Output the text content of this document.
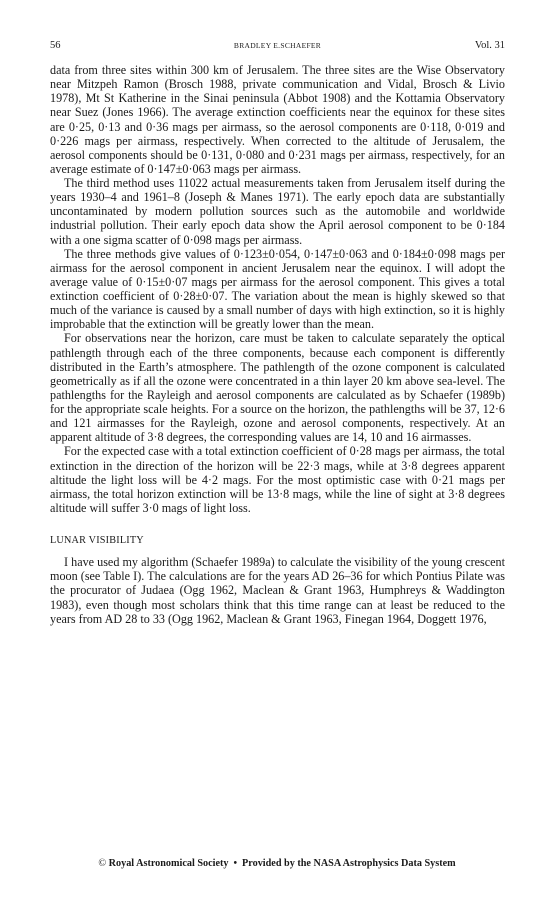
56	BRADLEY E.SCHAEFER	Vol. 31

data from three sites within 300 km of Jerusalem. The three sites are the Wise Observatory near Mitzpeh Ramon (Brosch 1988, private communication and Vidal, Brosch & Livio 1978), Mt St Katherine in the Sinai peninsula (Abbot 1908) and the Kottamia Observatory near Suez (Jones 1966). The average extinction coefficients near the equinox for these sites are 0·25, 0·13 and 0·36 mags per airmass, so the aerosol components are 0·118, 0·019 and 0·226 mags per airmass, respectively. When corrected to the altitude of Jerusalem, the aerosol components should be 0·131, 0·080 and 0·231 mags per airmass, respectively, for an average estimate of 0·147±0·063 mags per airmass.

The third method uses 11022 actual measurements taken from Jerusalem itself during the years 1930–4 and 1961–8 (Joseph & Manes 1971). The early epoch data are substantially uncontaminated by modern pollution sources such as the automobile and worldwide industrial pollution. Their early epoch data show the April aerosol component to be 0·184 with a one sigma scatter of 0·098 mags per airmass.

The three methods give values of 0·123±0·054, 0·147±0·063 and 0·184±0·098 mags per airmass for the aerosol component in ancient Jerusalem near the equinox. I will adopt the average value of 0·15±0·07 mags per airmass for the aerosol component. This gives a total extinction coefficient of 0·28±0·07. The variation about the mean is highly skewed so that much of the variance is caused by a small number of days with high extinction, so it is highly improbable that the extinction will be greatly lower than the mean.

For observations near the horizon, care must be taken to calculate separately the optical pathlength through each of the three components, because each component is differently distributed in the Earth’s atmosphere. The pathlength of the ozone component is calculated geometrically as if all the ozone were concentrated in a thin layer 20 km above sea-level. The pathlengths for the Rayleigh and aerosol components are calculated as by Schaefer (1989b) for the appropriate scale heights. For a source on the horizon, the pathlengths will be 37, 12·6 and 121 airmasses for the Rayleigh, ozone and aerosol components, respectively. At an apparent altitude of 3·8 degrees, the corresponding values are 14, 10 and 16 airmasses.

For the expected case with a total extinction coefficient of 0·28 mags per airmass, the total extinction in the direction of the horizon will be 22·3 mags, while at 3·8 degrees apparent altitude the light loss will be 4·2 mags. For the most optimistic case with 0·21 mags per airmass, the total horizon extinction will be 13·8 mags, while the line of sight at 3·8 degrees altitude will suffer 3·0 mags of light loss.

LUNAR VISIBILITY

I have used my algorithm (Schaefer 1989a) to calculate the visibility of the young crescent moon (see Table I). The calculations are for the years AD 26–36 for which Pontius Pilate was the procurator of Judaea (Ogg 1962, Maclean & Grant 1963, Humphreys & Waddington 1983), even though most scholars think that this time range can at least be reduced to the years from AD 28 to 33 (Ogg 1962, Maclean & Grant 1963, Finegan 1964, Doggett 1976,

© Royal Astronomical Society • Provided by the NASA Astrophysics Data System
